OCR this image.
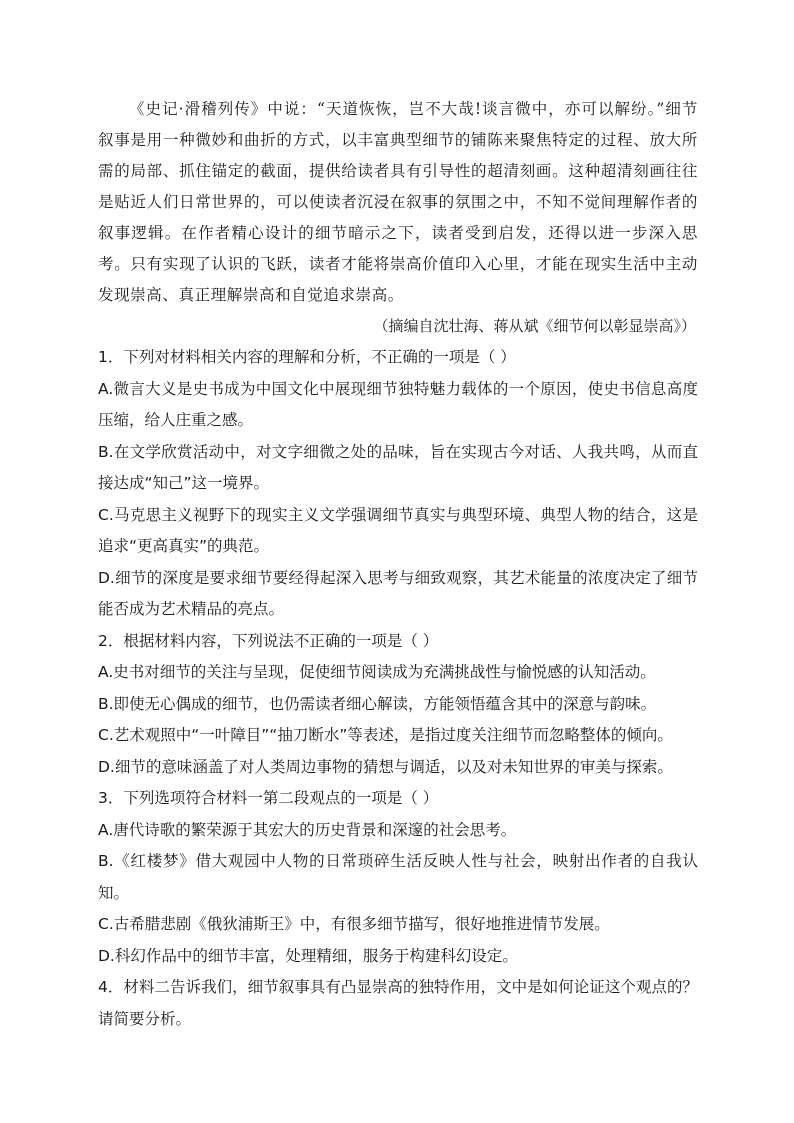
《史记·滑稽列传》中说：“天道恢恢，岂不大哉!谈言微中，亦可以解纷。”细节叙事是用一种微妙和曲折的方式，以丰富典型细节的铺陈来聚焦特定的过程、放大所需的局部、抓住锚定的截面，提供给读者具有引导性的超清刻画。这种超清刻画往往是贴近人们日常世界的，可以使读者沉浸在叙事的氛围之中，不知不觉间理解作者的叙事逻辑。在作者精心设计的细节暗示之下，读者受到启发，还得以进一步深入思考。只有实现了认识的飞跃，读者才能将崇高价值印入心里，才能在现实生活中主动发现崇高、真正理解崇高和自觉追求崇高。

（摘编自沈壮海、蒋从斌《细节何以彰显崇高》）

1．下列对材料相关内容的理解和分析，不正确的一项是（ ）

A.微言大义是史书成为中国文化中展现细节独特魅力载体的一个原因，使史书信息高度压缩，给人庄重之感。

B.在文学欣赏活动中，对文字细微之处的品味，旨在实现古今对话、人我共鸣，从而直接达成“知己”这一境界。

C.马克思主义视野下的现实主义文学强调细节真实与典型环境、典型人物的结合，这是追求“更高真实”的典范。

D.细节的深度是要求细节要经得起深入思考与细致观察，其艺术能量的浓度决定了细节能否成为艺术精品的亮点。

2．根据材料内容，下列说法不正确的一项是（ ）

A.史书对细节的关注与呈现，促使细节阅读成为充满挑战性与愉悦感的认知活动。

B.即使无心偶成的细节，也仍需读者细心解读，方能领悟蕴含其中的深意与韵味。

C.艺术观照中“一叶障目”“抽刀断水”等表述，是指过度关注细节而忽略整体的倾向。

D.细节的意味涵盖了对人类周边事物的猜想与调适，以及对未知世界的审美与探索。

3．下列选项符合材料一第二段观点的一项是（ ）

A.唐代诗歌的繁荣源于其宏大的历史背景和深邃的社会思考。

B.《红楼梦》借大观园中人物的日常琐碎生活反映人性与社会，映射出作者的自我认知。

C.古希腊悲剧《俄狄浦斯王》中，有很多细节描写，很好地推进情节发展。

D.科幻作品中的细节丰富，处理精细，服务于构建科幻设定。

4．材料二告诉我们，细节叙事具有凸显崇高的独特作用，文中是如何论证这个观点的？请简要分析。
